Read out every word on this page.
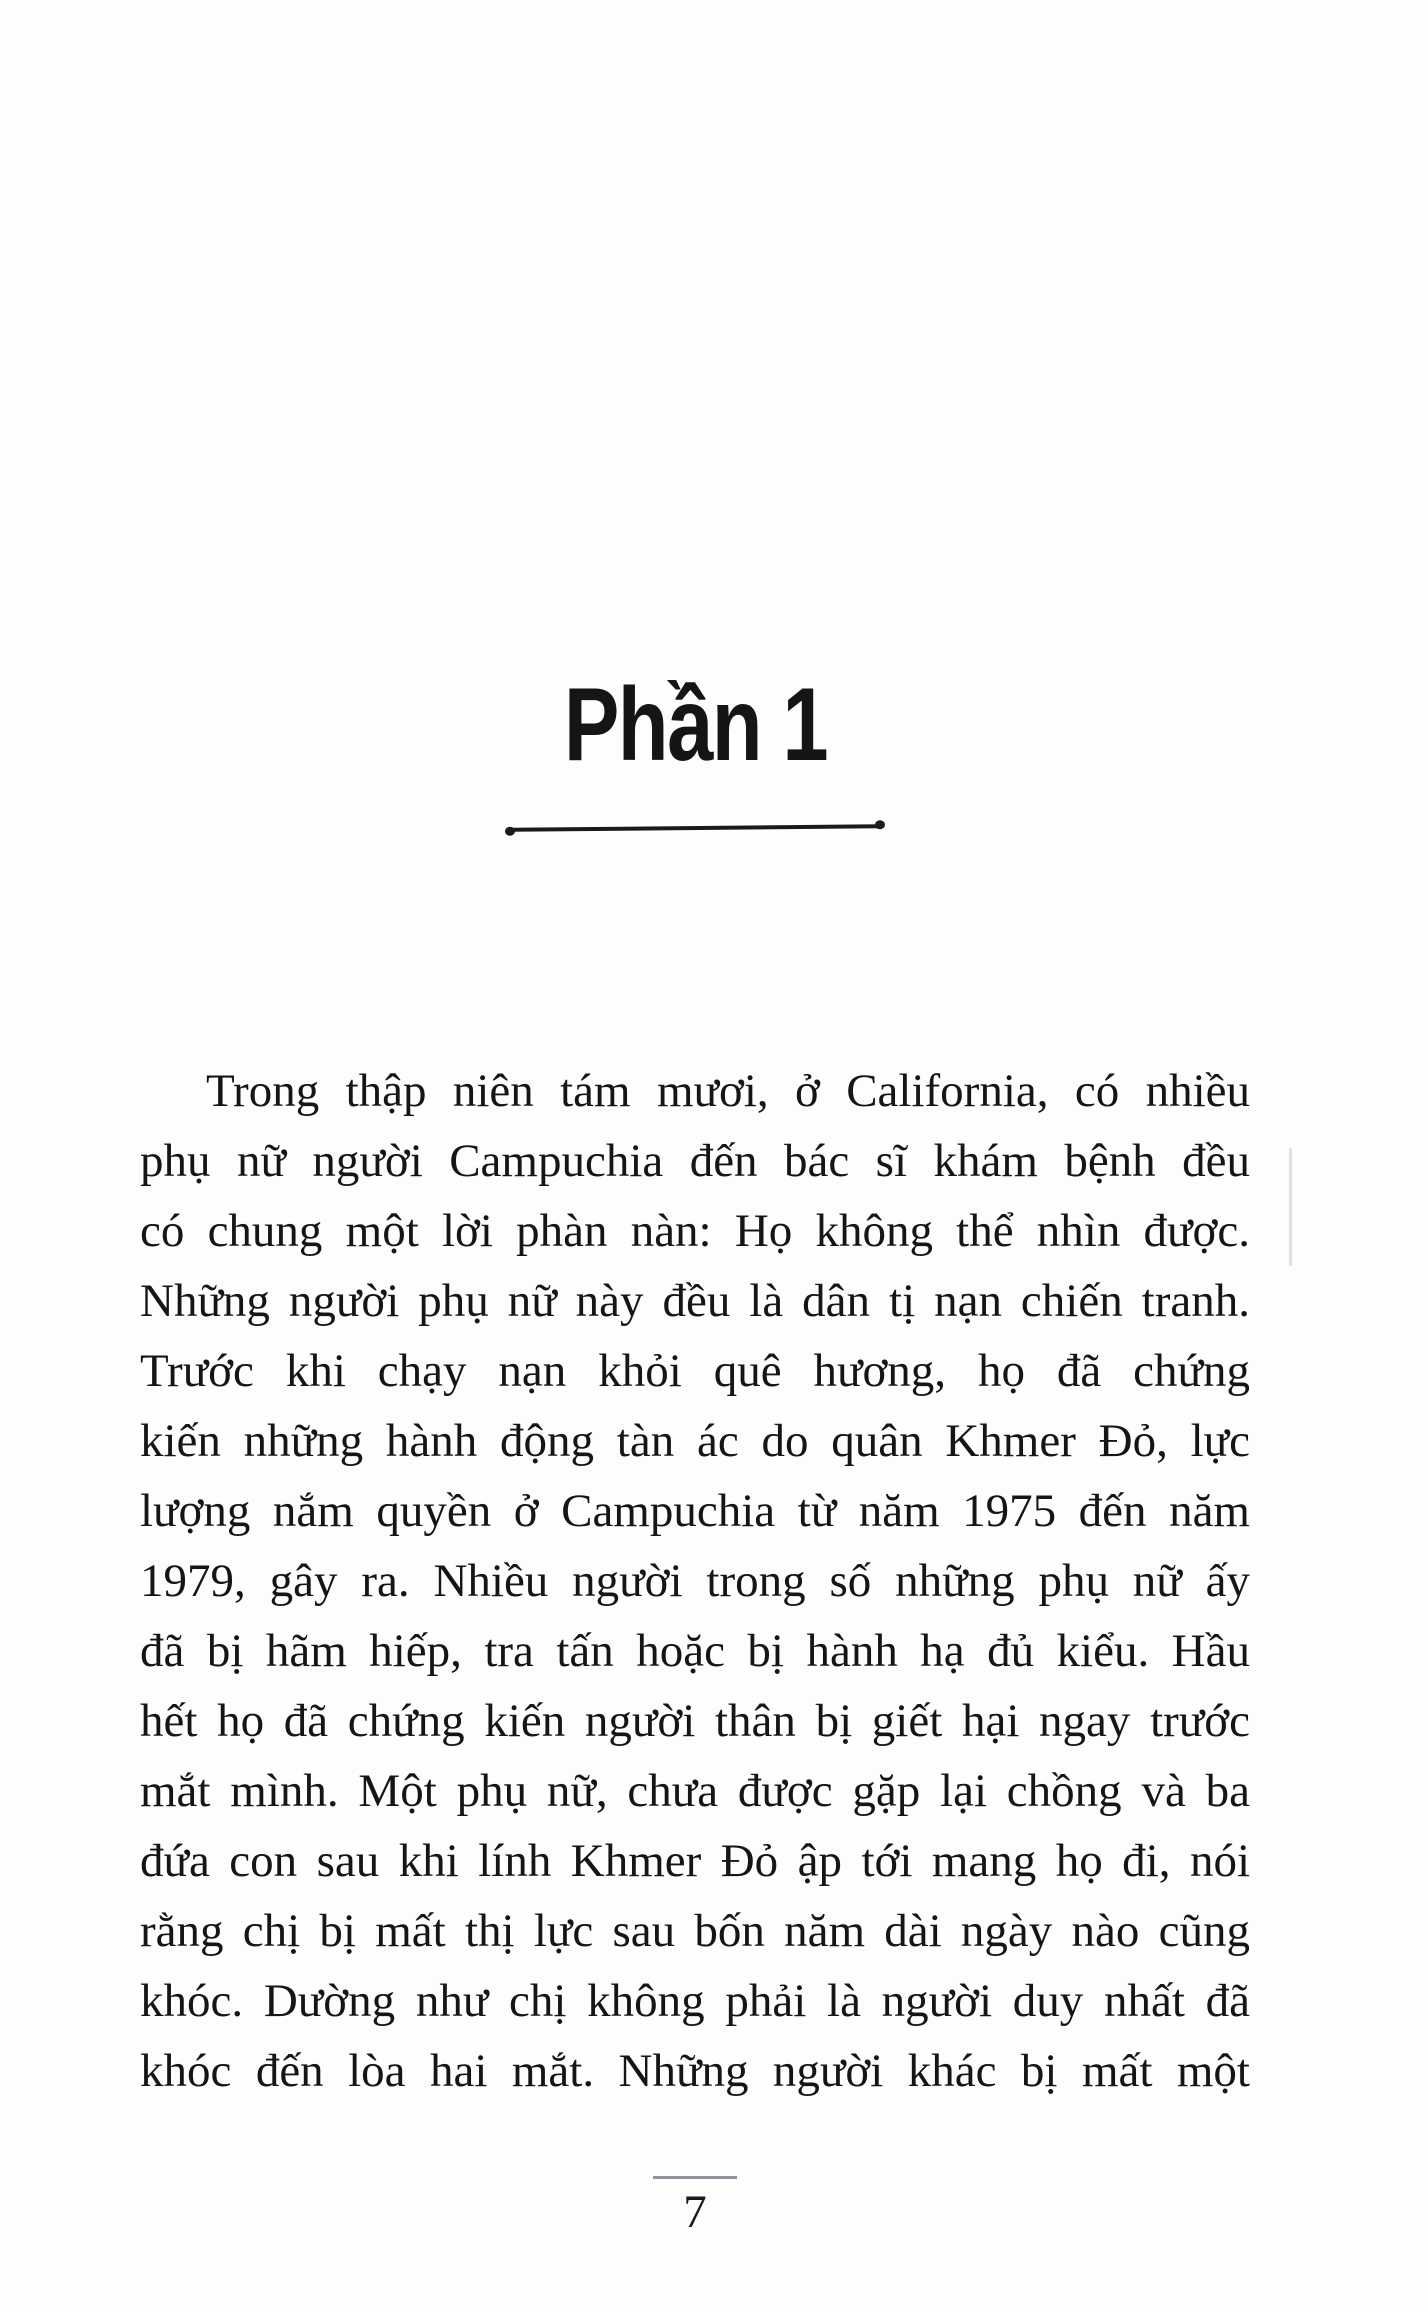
Phần 1
Trong thập niên tám mươi, ở California, có nhiều
phụ nữ người Campuchia đến bác sĩ khám bệnh đều
có chung một lời phàn nàn: Họ không thể nhìn được.
Những người phụ nữ này đều là dân tị nạn chiến tranh.
Trước khi chạy nạn khỏi quê hương, họ đã chứng
kiến những hành động tàn ác do quân Khmer Đỏ, lực
lượng nắm quyền ở Campuchia từ năm 1975 đến năm
1979, gây ra. Nhiều người trong số những phụ nữ ấy
đã bị hãm hiếp, tra tấn hoặc bị hành hạ đủ kiểu. Hầu
hết họ đã chứng kiến người thân bị giết hại ngay trước
mắt mình. Một phụ nữ, chưa được gặp lại chồng và ba
đứa con sau khi lính Khmer Đỏ ập tới mang họ đi, nói
rằng chị bị mất thị lực sau bốn năm dài ngày nào cũng
khóc. Dường như chị không phải là người duy nhất đã
khóc đến lòa hai mắt. Những người khác bị mất một
7
